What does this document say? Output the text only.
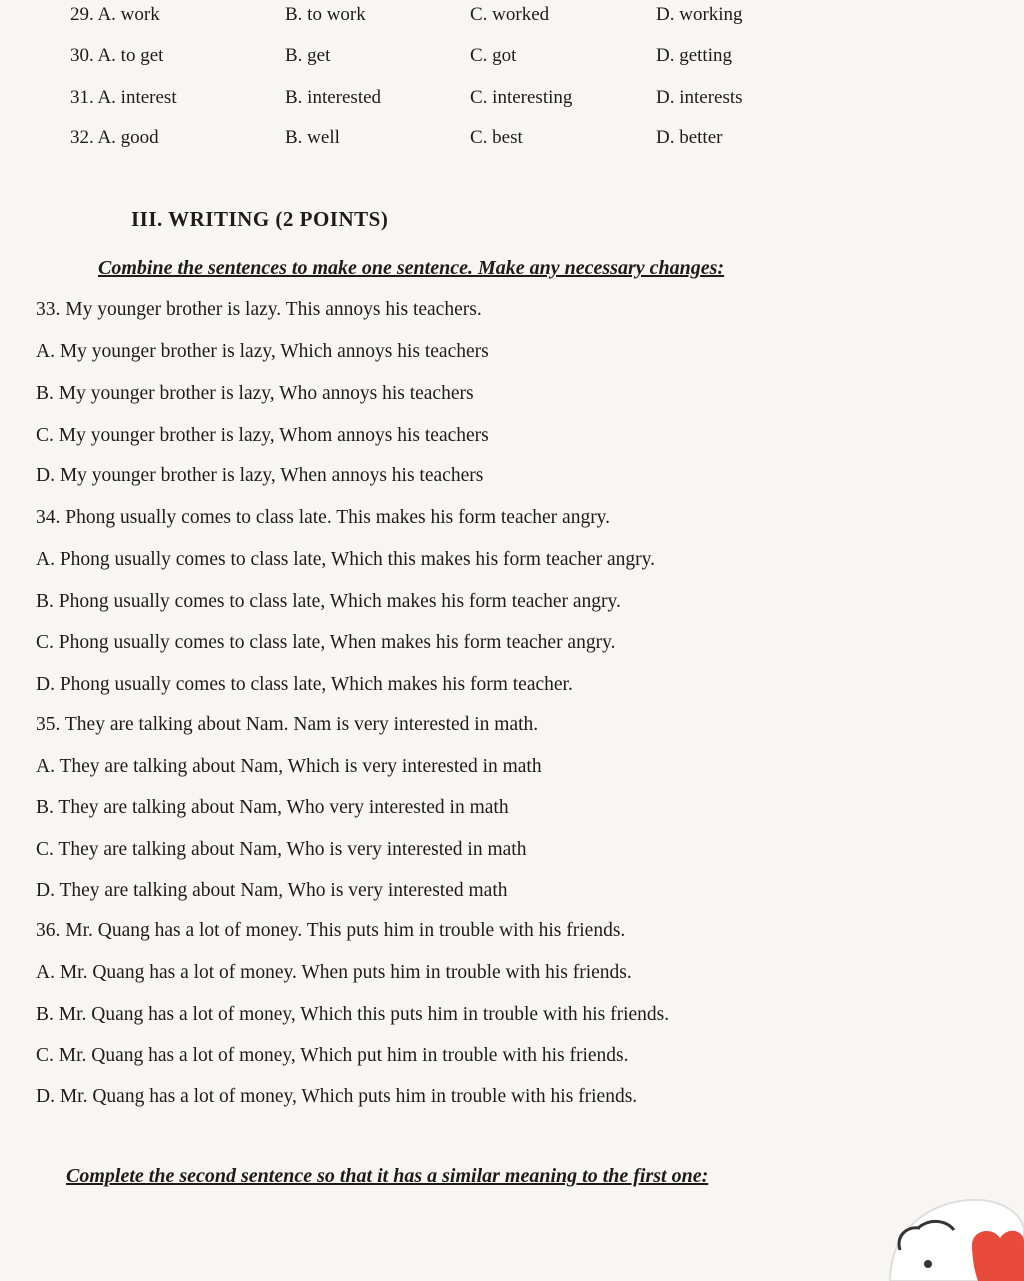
29. A. work	B. to work	C. worked	D. working
30. A. to get	B. get	C. got	D. getting
31. A. interest	B. interested	C. interesting	D. interests
32. A. good	B. well	C. best	D. better
III. WRITING (2 POINTS)
Combine the sentences to make one sentence. Make any necessary changes:
33. My younger brother is lazy. This annoys his teachers.
A. My younger brother is lazy, Which annoys his teachers
B. My younger brother is lazy, Who annoys his teachers
C. My younger brother is lazy, Whom annoys his teachers
D. My younger brother is lazy, When annoys his teachers
34. Phong usually comes to class late. This makes his form teacher angry.
A. Phong usually comes to class late, Which this makes his form teacher angry.
B. Phong usually comes to class late, Which makes his form teacher angry.
C. Phong usually comes to class late, When makes his form teacher angry.
D. Phong usually comes to class late, Which makes his form teacher.
35. They are talking about Nam. Nam is very interested in math.
A. They are talking about Nam, Which is very interested in math
B. They are talking about Nam, Who very interested in math
C. They are talking about Nam, Who is very interested in math
D. They are talking about Nam, Who is very interested math
36. Mr. Quang has a lot of money. This puts him in trouble with his friends.
A. Mr. Quang has a lot of money. When puts him in trouble with his friends.
B. Mr. Quang has a lot of money, Which this puts him in trouble with his friends.
C. Mr. Quang has a lot of money, Which put him in trouble with his friends.
D. Mr. Quang has a lot of money, Which puts him in trouble with his friends.
Complete the second sentence so that it has a similar meaning to the first one:
